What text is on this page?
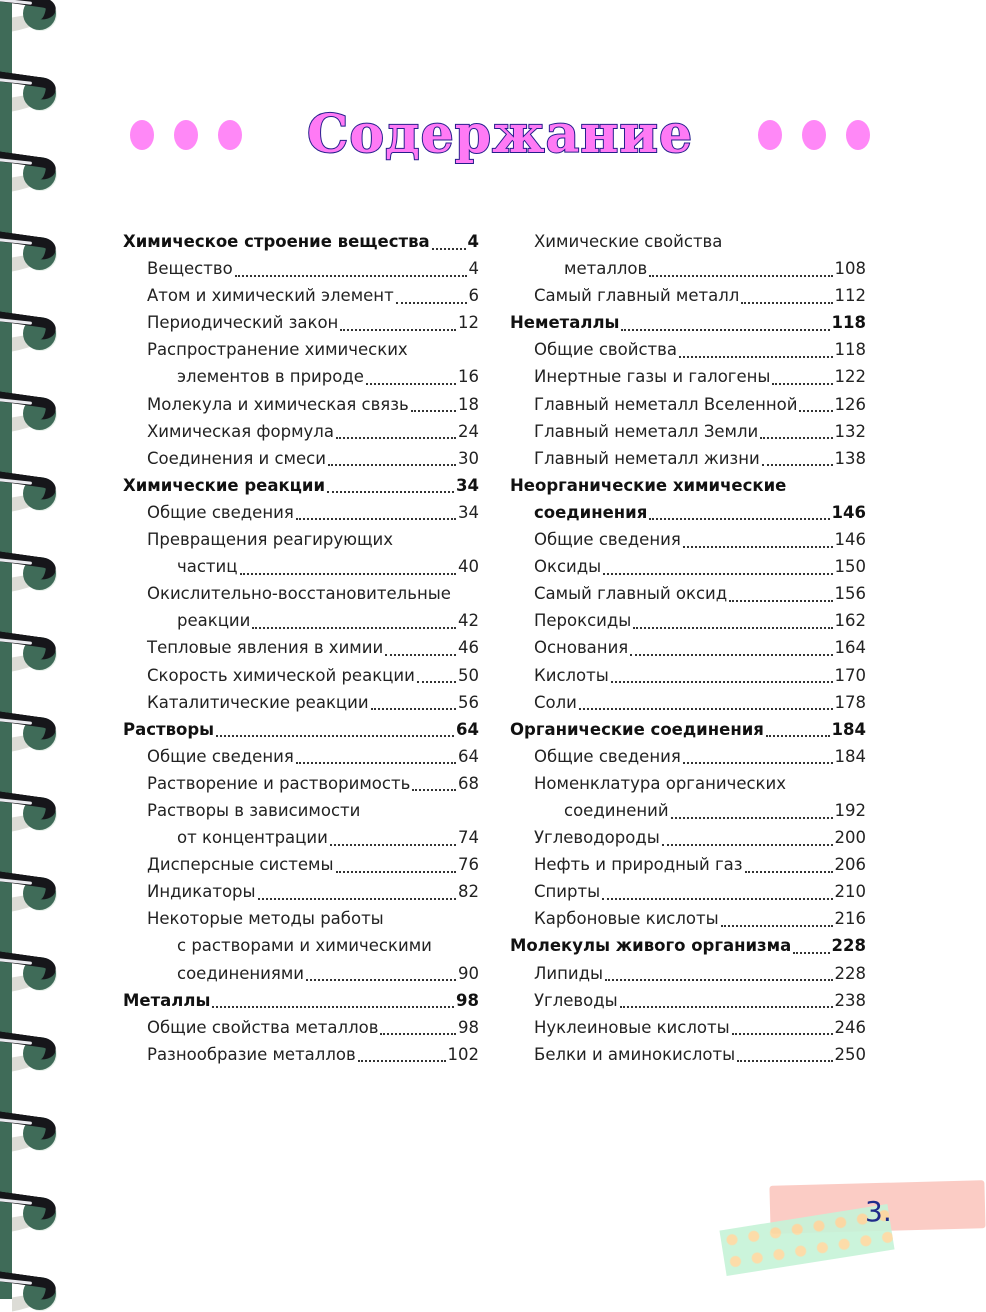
Содержание
Химическое строение вещества 4
Вещество	4
Атом и химический элемент	6
Периодический закон	12
Распространение химических
элементов в природе	16
Молекула и химическая связь	18
Химическая формула	24
Соединения и смеси	30
Химические реакции	34
Общие сведения	34
Превращения реагирующих
частиц	40
Окислительно-восстановительные
реакции	42
Тепловые явления в химии	46
Скорость химической реакции	50
Каталитические реакции	56
Растворы	64
Общие сведения	64
Растворение и растворимость	68
Растворы в зависимости
от концентрации	74
Дисперсные системы	76
Индикаторы	82
Некоторые методы работы
с растворами и химическими
соединениями	90
Металлы	98
Общие свойства металлов	98
Разнообразие металлов	102
Химические свойства
металлов	108
Самый главный металл	112
Неметаллы	118
Общие свойства	118
Инертные газы и галогены	122
Главный неметалл Вселенной 126
Главный неметалл Земли	132
Главный неметалл жизни	138
Неорганические химические
соединения	146
Общие сведения	146
Оксиды	150
Самый главный оксид	156
Пероксиды	162
Основания	164
Кислоты	170
Соли	178
Органические соединения	184
Общие сведения	184
Номенклатура органических
соединений	192
Углеводороды	200
Нефть и природный газ	206
Спирты	210
Карбоновые кислоты	216
Молекулы живого организма 228
Липиды	228
Углеводы	238
Нуклеиновые кислоты	246
Белки и аминокислоты	250
3.
